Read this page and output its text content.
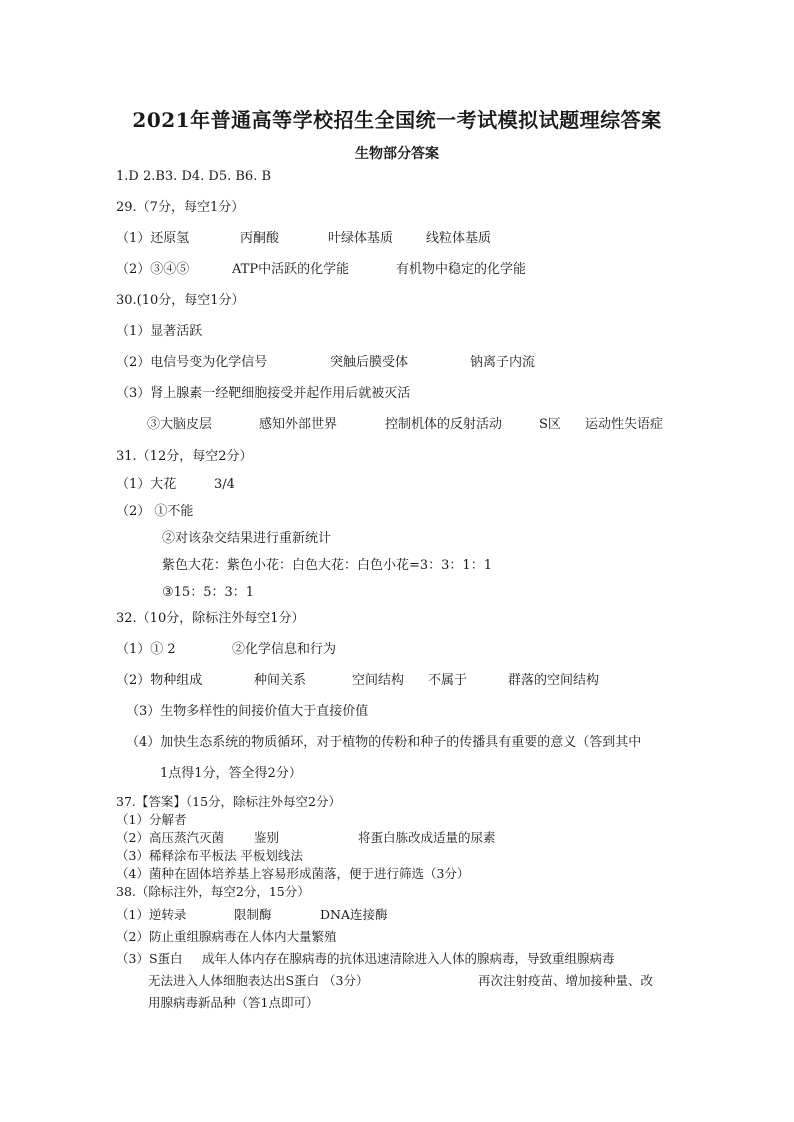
2021年普通高等学校招生全国统一考试模拟试题理综答案
生物部分答案
1.D 2.B3. D4. D5. B6. B
29.（7分，每空1分）
（1）还原氢	丙酮酸	叶绿体基质	线粒体基质
（2）③④⑤	ATP中活跃的化学能	有机物中稳定的化学能
30.(10分，每空1分）
（1）显著活跃
（2）电信号变为化学信号	突触后膜受体	钠离子内流
（3）肾上腺素一经靶细胞接受并起作用后就被灭活
③大脑皮层	感知外部世界	控制机体的反射活动	S区 运动性失语症
31.（12分，每空2分）
（1）大花	3/4
（2） ①不能
②对该杂交结果进行重新统计
紫色大花：紫色小花：白色大花：白色小花=3：3：1：1
③15：5：3：1
32.（10分，除标注外每空1分）
（1）① 2	②化学信息和行为
（2）物种组成	种间关系	空间结构 不属于	群落的空间结构
（3）生物多样性的间接价值大于直接价值
（4）加快生态系统的物质循环，对于植物的传粉和种子的传播具有重要的意义（答到其中
1点得1分，答全得2分）
37.【答案】（15分，除标注外每空2分）
（1）分解者
（2）高压蒸汽灭菌 鉴别	将蛋白胨改成适量的尿素
（3）稀释涂布平板法 平板划线法
（4）菌种在固体培养基上容易形成菌落，便于进行筛选（3分）
38.（除标注外，每空2分，15分）
（1）逆转录	限制酶	DNA连接酶
（2）防止重组腺病毒在人体内大量繁殖
（3）S蛋白 成年人体内存在腺病毒的抗体迅速清除进入人体的腺病毒，导致重组腺病毒
无法进入人体细胞表达出S蛋白 （3分）	再次注射疫苗、增加接种量、改
用腺病毒新品种（答1点即可）
